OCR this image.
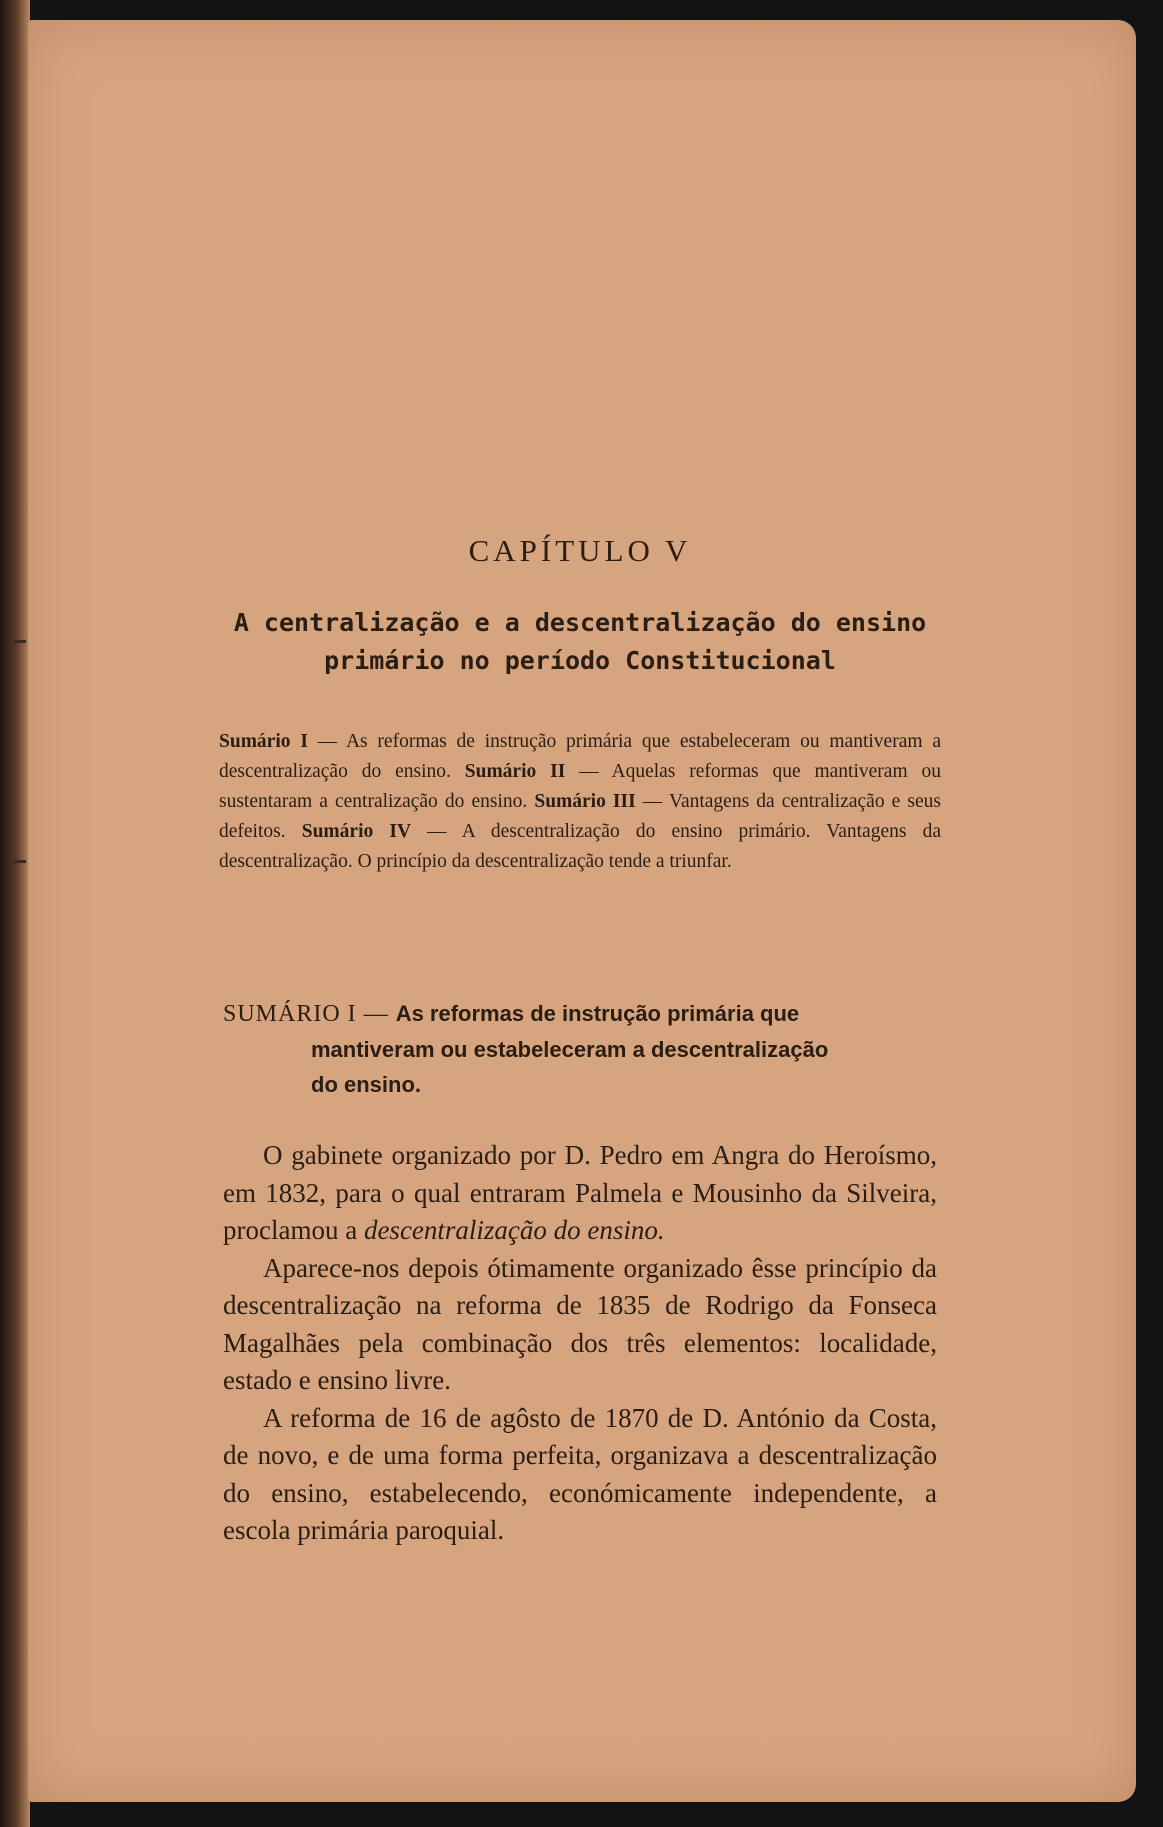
CAPÍTULO V
A centralização e a descentralização do ensino
primário no período Constitucional
Sumário I — As reformas de instrução primária que estabeleceram ou mantiveram a descentralização do ensino. Sumário II — Aquelas reformas que mantiveram ou sustentaram a centralização do ensino. Sumário III — Vantagens da centralização e seus defeitos. Sumário IV — A descentralização do ensino primário. Vantagens da descentralização. O princípio da descentralização tende a triunfar.
SUMÁRIO I — As reformas de instrução primária que
mantiveram ou estabeleceram a descentralização
do ensino.

O gabinete organizado por D. Pedro em Angra do Heroísmo, em 1832, para o qual entraram Palmela e Mousinho da Silveira, proclamou a descentralização do ensino.

Aparece-nos depois ótimamente organizado êsse princípio da descentralização na reforma de 1835 de Rodrigo da Fonseca Magalhães pela combinação dos três elementos: localidade, estado e ensino livre.

A reforma de 16 de agôsto de 1870 de D. António da Costa, de novo, e de uma forma perfeita, organizava a descentralização do ensino, estabelecendo, económicamente independente, a escola primária paroquial.
